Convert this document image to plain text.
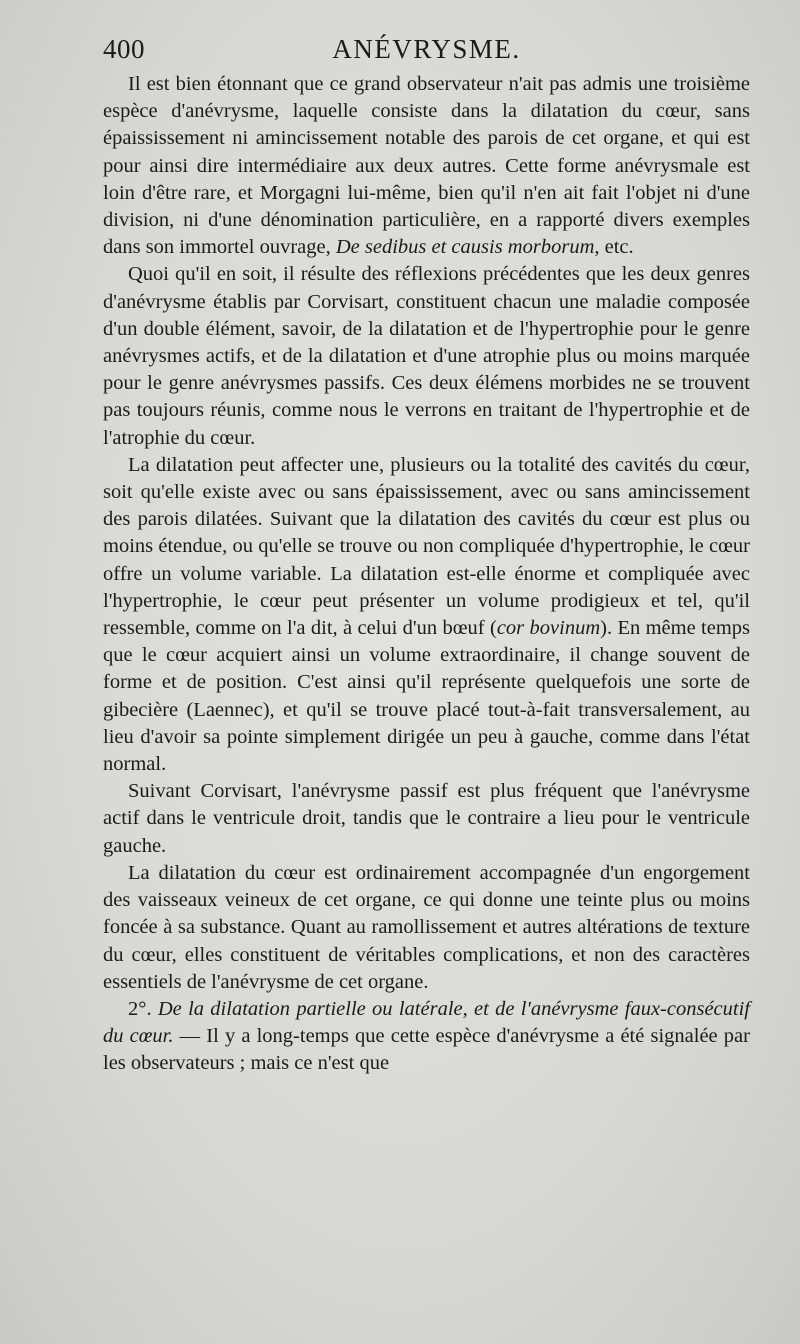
400	ANÉVRYSME.

Il est bien étonnant que ce grand observateur n'ait pas admis une troisième espèce d'anévrysme, laquelle consiste dans la dilatation du cœur, sans épaississement ni amincissement notable des parois de cet organe, et qui est pour ainsi dire intermédiaire aux deux autres. Cette forme anévrysmale est loin d'être rare, et Morgagni lui-même, bien qu'il n'en ait fait l'objet ni d'une division, ni d'une dénomination particulière, en a rapporté divers exemples dans son immortel ouvrage, De sedibus et causis morborum, etc.

Quoi qu'il en soit, il résulte des réflexions précédentes que les deux genres d'anévrysme établis par Corvisart, constituent chacun une maladie composée d'un double élément, savoir, de la dilatation et de l'hypertrophie pour le genre anévrysmes actifs, et de la dilatation et d'une atrophie plus ou moins marquée pour le genre anévrysmes passifs. Ces deux élémens morbides ne se trouvent pas toujours réunis, comme nous le verrons en traitant de l'hypertrophie et de l'atrophie du cœur.

La dilatation peut affecter une, plusieurs ou la totalité des cavités du cœur, soit qu'elle existe avec ou sans épaississement, avec ou sans amincissement des parois dilatées. Suivant que la dilatation des cavités du cœur est plus ou moins étendue, ou qu'elle se trouve ou non compliquée d'hypertrophie, le cœur offre un volume variable. La dilatation est-elle énorme et compliquée avec l'hypertrophie, le cœur peut présenter un volume prodigieux et tel, qu'il ressemble, comme on l'a dit, à celui d'un bœuf (cor bovinum). En même temps que le cœur acquiert ainsi un volume extraordinaire, il change souvent de forme et de position. C'est ainsi qu'il représente quelquefois une sorte de gibecière (Laennec), et qu'il se trouve placé tout-à-fait transversalement, au lieu d'avoir sa pointe simplement dirigée un peu à gauche, comme dans l'état normal.

Suivant Corvisart, l'anévrysme passif est plus fréquent que l'anévrysme actif dans le ventricule droit, tandis que le contraire a lieu pour le ventricule gauche.

La dilatation du cœur est ordinairement accompagnée d'un engorgement des vaisseaux veineux de cet organe, ce qui donne une teinte plus ou moins foncée à sa substance. Quant au ramollissement et autres altérations de texture du cœur, elles constituent de véritables complications, et non des caractères essentiels de l'anévrysme de cet organe.

2°. De la dilatation partielle ou latérale, et de l'anévrysme faux-consécutif du cœur. — Il y a long-temps que cette espèce d'anévrysme a été signalée par les observateurs ; mais ce n'est que
